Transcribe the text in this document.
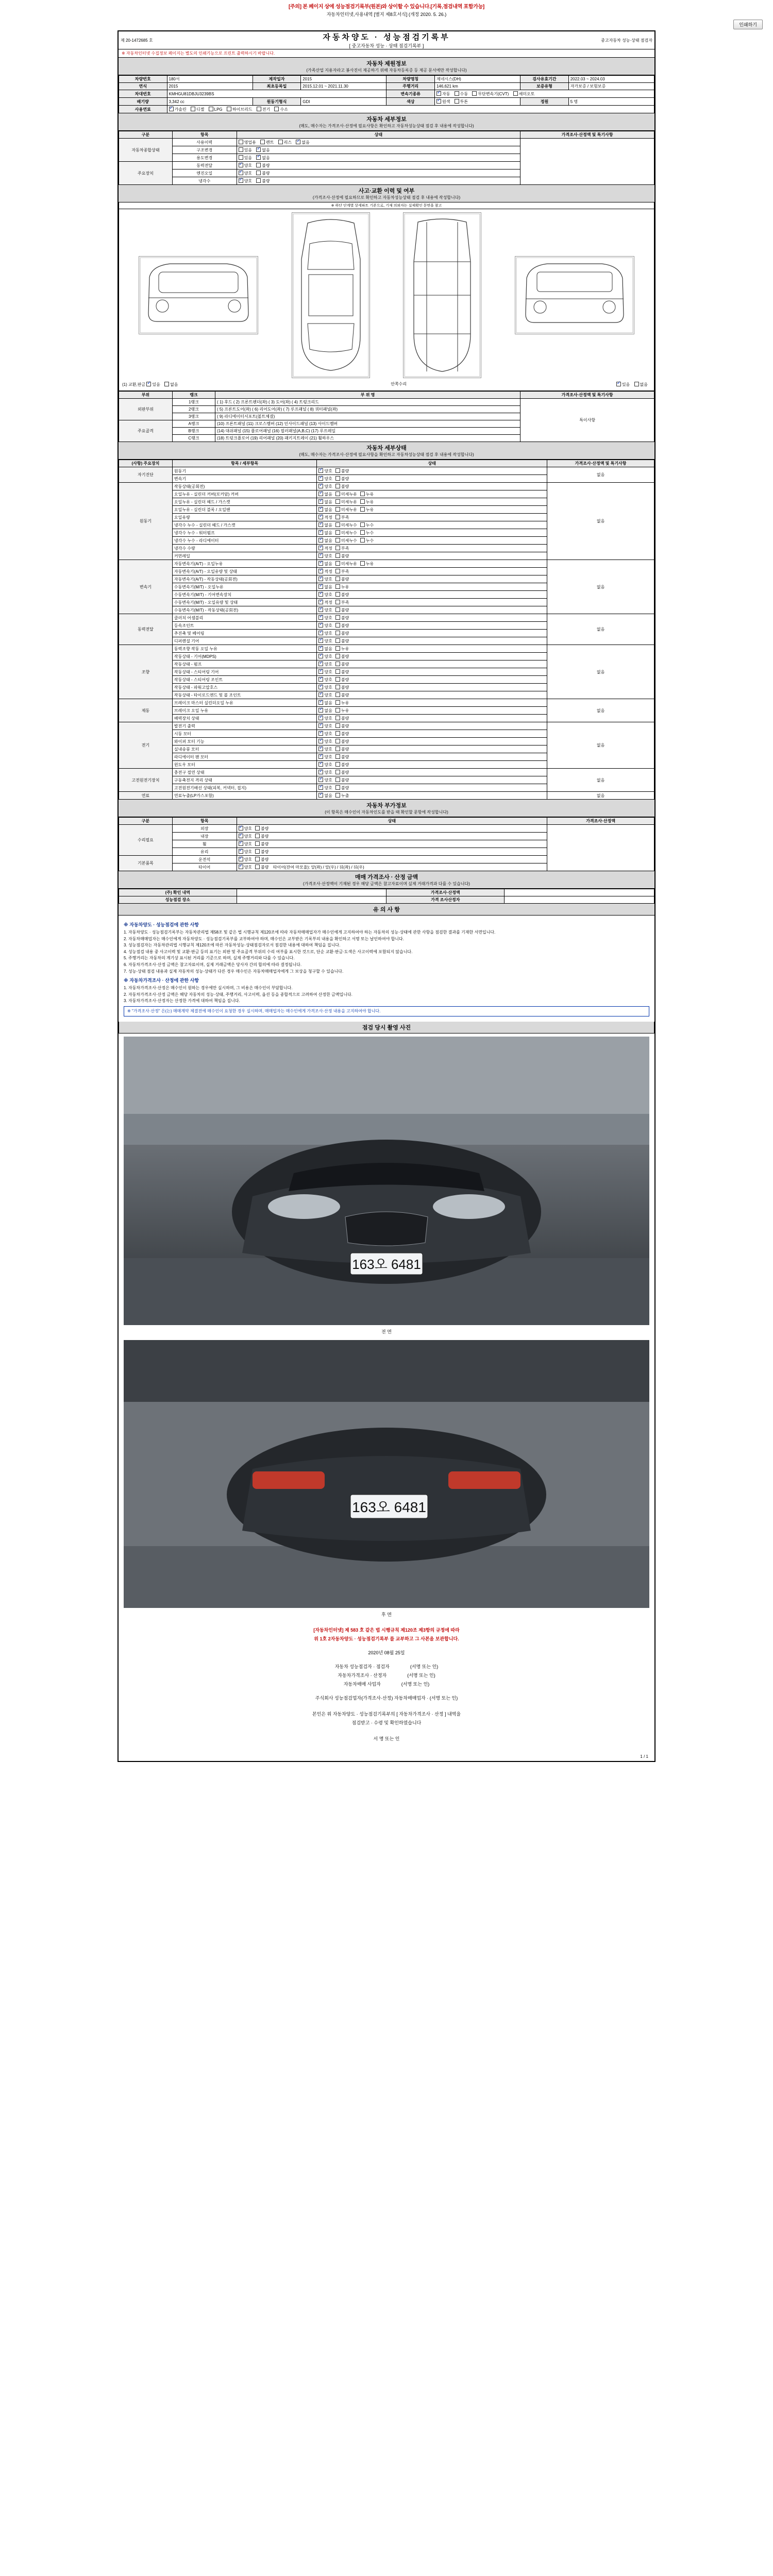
[주의] 본 페이지 상에 성능점검기록부(원본)와 상이할 수 있습니다.[기록,점검내역 포함가능]
자동차인터넷,사용내역 [별지 제8호서식] (개정 2020. 5. 26.)
인쇄하기
제 20-1472685 호	자동차양도 · 성능점검기록부
[ 중고자동차 성능 · 상태 점검기록부 ]
중고자동차 성능·상태 점검자
※ 자동차인터넷 수집정보 페이지는 별도의 인쇄기능으로 프린트 출력하시기 바랍니다.
자동차 제원정보
(가족산업 지용자라고 봉사진이 제공하기 위해 자동차등록증 등 제공 문서에만 작성합니다)
차량번호	180서	제작일자	2015	차량명칭	제네시스(DH)	검사유효기간	2022.03 ~ 2024.03
연식	2015	최초등록일	2015.12.01 ~ 2021.11.30	주행거리	146,621 km	보증유형	자가보증 / 보험보증
차대번호	KMHGU81DBJU3239BS			변속기종류	✓자동 수동 무단변속기(CVT) 세미오토
배기량	3,342 cc	원동기형식	GDI	색상	✓원색 투톤	정원	5 명
사용연료	✓가솔린 디젤 LPG 하이브리드 전기 수소
자동차 세부정보
(매도, 매수자는 가격조사·산정에 필요사항은 확인하고 자동차성능상태 점검 후 내용에 작성합니다)
구분	항목	상태	가격조사·산정액 및 특기사항
자동차종합상태	사용이력	영업용 렌트 리스 ✓ 없음	
	구조변경	있음 ✓ 없음
	용도변경	있음 ✓ 없음
주요장치	동력전달	✓양호 불량
	엔진오일	✓양호 불량
	냉각수	✓양호 불량
사고·교환 이력 및 여부
(가격조사·산정에 필요하므로 확인하고 자동차성능상태 점검 후 내용에 작성합니다)
※ 하단 단계별 상세파트 기준으로, 기재 의뢰자는 실제확인 문면을 참고
(1) 교환,판금 ✓ 있음 없음	안쪽수리 ✓	있음 없음
부위	랭크	부 위 명	가격조사·산정액 및 특기사항
외판부위	1랭크	( 1) 후드 ( 2) 프론트펜더(좌) ( 3) 도어(좌) ( 4) 트렁크리드	특이사항
	2랭크	( 5) 프론트도어(좌) ( 6) 리어도어(좌) ( 7) 루프패널 ( 8) 쿼터패널(좌)	
	3랭크	( 9) 라디에이터서포트(볼트체결)	
주요골격	A랭크	(10) 프론트패널 (11) 크로스멤버 (12) 인사이드패널 (13) 사이드멤버	
	B랭크	(14) 대쉬패널 (15) 플로어패널 (16) 필러패널(A,B,C) (17) 루프레일	
	C랭크	(18) 트렁크플로어 (19) 리어패널 (20) 패키지트레이 (21) 휠하우스	
자동차 세부상태
(매도, 매수자는 가격조사·산정에 필요사항을 확인하고 자동차성능상태 점검 후 내용에 작성합니다)
(사항) 주요장치	항목 / 세부항목	상태	가격조사·산정액 및 특기사항
자기진단	원동기	✓양호 불량	없음
	변속기	✓양호 불량
원동기	작동상태(공회전)	✓양호 불량	없음
	오일누유 - 실린더 커버(로커암) 커버	✓없음 미세누유 누유
	오일누유 - 실린더 헤드 / 가스켓	✓없음 미세누유 누유
	오일누유 - 실린더 블록 / 오일팬	✓없음 미세누유 누유
	오일유량	✓적정 부족
	냉각수 누수 - 실린더 헤드 / 가스켓	✓없음 미세누수 누수
	냉각수 누수 - 워터펌프	✓없음 미세누수 누수
	냉각수 누수 - 라디에이터	✓없음 미세누수 누수
	냉각수 수량	✓적정 부족
	커먼레일	✓양호 불량
변속기	자동변속기(A/T) - 오일누유	✓없음 미세누유 누유	없음
	자동변속기(A/T) - 오일유량 및 상태	✓적정 부족
	자동변속기(A/T) - 작동상태(공회전)	✓양호 불량
	수동변속기(M/T) - 오일누유	✓없음 누유
	수동변속기(M/T) - 기어변속장치	✓양호 불량
	수동변속기(M/T) - 오일유량 및 상태	✓적정 부족
	수동변속기(M/T) - 작동상태(공회전)	✓양호 불량
동력전달	클러치 어셈블리	✓양호 불량	없음
	등속조인트	✓양호 불량
	추진축 및 베어링	✓양호 불량
	디퍼렌셜 기어	✓양호 불량
조향	동력조향 작동 오일 누유	✓없음 누유	없음
	작동상태 - 기어(MDPS)	✓양호 불량
	작동상태 - 펌프	✓양호 불량
	작동상태 - 스티어링 기어	✓양호 불량
	작동상태 - 스티어링 조인트	✓양호 불량
	작동상태 - 파워고압호스	✓양호 불량
	작동상태 - 타이로드엔드 및 볼 조인트	✓양호 불량
제동	브레이크 마스터 실린더오일 누유	✓없음 누유	없음
	브레이크 오일 누유	✓없음 누유
	배력장치 상태	✓양호 불량
전기	발전기 출력	✓양호 불량	없음
	시동 모터	✓양호 불량
	와이퍼 모터 기능	✓양호 불량
	실내송풍 모터	✓양호 불량
	라디에이터 팬 모터	✓양호 불량
	윈도우 모터	✓양호 불량
고전원전기장치	충전구 절연 상태	✓양호 불량	없음
	구동축전지 격리 상태	✓양호 불량
	고전원전기배선 상태(피복, 커넥터, 접지)	✓양호 불량
연료	연료누출(LP가스포함)	✓없음 누출	없음
자동차 부가정보
(이 항목은 매수인이 자동차인도를 받을 때 확인할 문항에 작성합니다)
구분	항목	상태	가격조사·산정액
수리필요	외장	✓양호 불량	
	내장	✓양호 불량
	휠	✓양호 불량
	유리	✓양호 불량
기본품목	운전석	✓양호 불량
	타이어	✓양호 불량 타이어(잔여 마모율): 앞(좌) / 앞(우) / 뒤(좌) / 뒤(우)
매매 가격조사 · 산정 금액
(가격조사·산정액이 기재된 경우 해당 금액은 참고자료이며 실제 거래가격과 다를 수 있습니다)
(주) 확인 내역		가격조사·산정액	
성능점검 장소		가격 조사산정자	
유 의 사 항
※ 자동차양도 · 성능점검에 관한 사항

1. 자동차양도 · 성능점검기록부는 자동차관리법 제58조 및 같은 법 시행규칙 제120조에 따라 자동차매매업자가 매수인에게 고지하여야 하는 자동차의 성능·상태에 관한 사항을 점검한 결과를 기재한 서면입니다.

2. 자동차매매업자는 매수인에게 자동차양도 · 성능점검기록부를 교부하여야 하며, 매수인은 교부받은 기록부의 내용을 확인하고 서명 또는 날인하여야 합니다.

3. 성능점검자는 자동차관리법 시행규칙 제120조에 따른 자동차성능·상태점검자로서 점검한 내용에 대하여 책임을 집니다.

4. 성능점검 내용 중 사고이력 및 교환·판금 등의 표기는 외판 및 주요골격 부위의 수리 여부를 표시한 것으로, 단순 교환·판금·도색은 사고이력에 포함되지 않습니다.

5. 주행거리는 자동차의 계기상 표시된 거리를 기준으로 하며, 실제 주행거리와 다를 수 있습니다.

6. 자동차가격조사·산정 금액은 참고자료이며, 실제 거래금액은 당사자 간의 합의에 따라 결정됩니다.

7. 성능·상태 점검 내용과 실제 자동차의 성능·상태가 다른 경우 매수인은 자동차매매업자에게 그 보상을 청구할 수 있습니다.

※ 자동차가격조사 · 산정에 관한 사항

1. 자동차가격조사·산정은 매수인이 원하는 경우에만 실시하며, 그 비용은 매수인이 부담합니다.

2. 자동차가격조사·산정 금액은 해당 자동차의 성능·상태, 주행거리, 사고이력, 옵션 등을 종합적으로 고려하여 산정한 금액입니다.

3. 자동차가격조사·산정자는 산정한 가격에 대하여 책임을 집니다.

※ "가격조사·산정" 은(는) 매매계약 체결전에 매수인이 요청한 경우 실시하며, 매매업자는 매수인에게 가격조사·산정 내용을 고지하여야 합니다.
점검 당시 촬영 사진
163오 6481
전 면
163오 6481
후 면
[자동차인터넷] 제 583 호 같은 법 시행규칙 제120조 제3항의 규정에 따라
위 1호 2자동차양도 · 성능점검기록부 를 교부하고 그 사본을 보관합니다.
2020년 08월 25일
자동차 성능점검자 · 점검자	(서명 또는 인)
자동차가격조사 · 산정자	(서명 또는 인)
자동차매매 사업자	(서명 또는 인)
주식회사 성능점검업자(가격조사·산정) 자동차매매업자 · (서명 또는 인)
본인은 위 자동차양도 · 성능점검기록부의 [ 자동차가격조사 · 산정 ] 내역을
점검받고 · 수령 및 확인하였습니다
서 명 또는 인
1 / 1
